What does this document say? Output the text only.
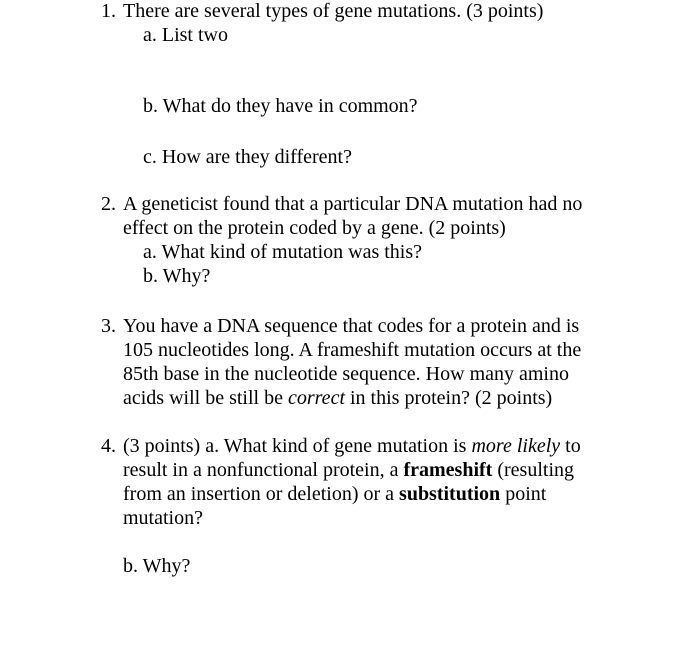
1. There are several types of gene mutations. (3 points)
a. List two
b. What do they have in common?
c. How are they different?
2. A geneticist found that a particular DNA mutation had no
effect on the protein coded by a gene. (2 points)
a. What kind of mutation was this?
b. Why?
3. You have a DNA sequence that codes for a protein and is
105 nucleotides long. A frameshift mutation occurs at the
85th base in the nucleotide sequence. How many amino
acids will be still be correct in this protein? (2 points)
4. (3 points) a. What kind of gene mutation is more likely to
result in a nonfunctional protein, a frameshift (resulting
from an insertion or deletion) or a substitution point
mutation?
b. Why?
